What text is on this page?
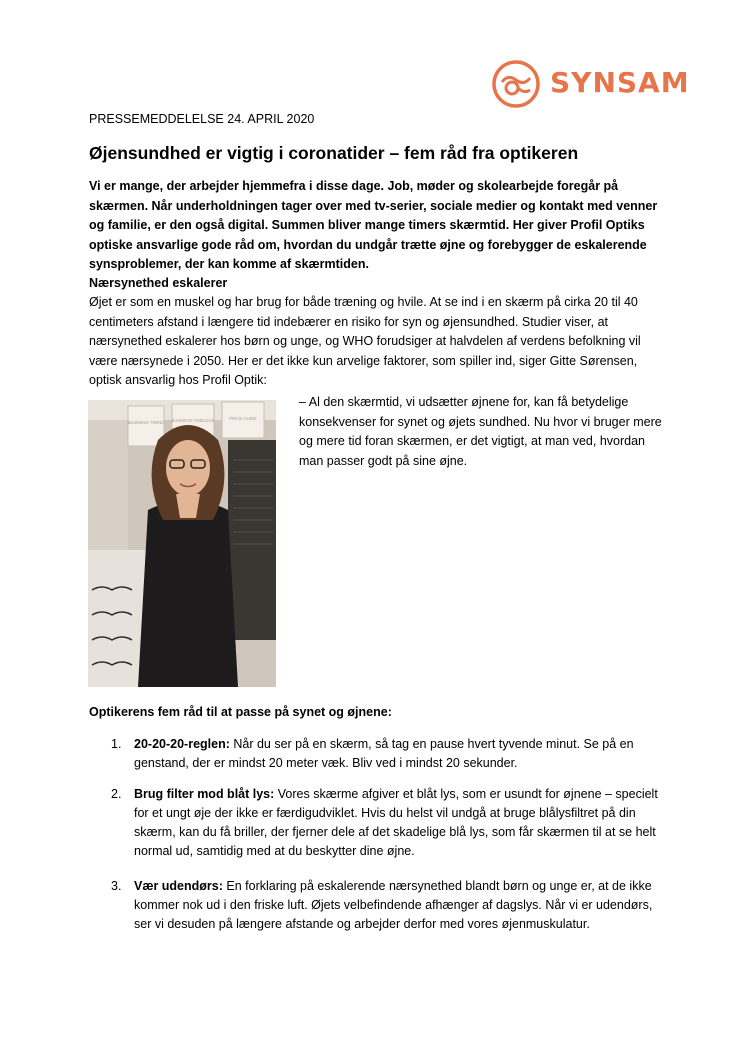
SYNSAM
PRESSEMEDDELELSE 24. APRIL 2020
Øjensundhed er vigtig i coronatider – fem råd fra optikeren

Vi er mange, der arbejder hjemmefra i disse dage. Job, møder og skolearbejde foregår på skærmen. Når underholdningen tager over med tv-serier, sociale medier og kontakt med venner og familie, er den også digital. Summen bliver mange timers skærmtid. Her giver Profil Optiks optiske ansvarlige gode råd om, hvordan du undgår trætte øjne og forebygger de eskalerende synsproblemer, der kan komme af skærmtiden.

Nærsynethed eskalerer

Øjet er som en muskel og har brug for både træning og hvile. At se ind i en skærm på cirka 20 til 40 centimeters afstand i længere tid indebærer en risiko for syn og øjensundhed. Studier viser, at nærsynethed eskalerer hos børn og unge, og WHO forudsiger at halvdelen af verdens befolkning vil være nærsynede i 2050. Her er det ikke kun arvelige faktorer, som spiller ind, siger Gitte Sørensen, optisk ansvarlig hos Profil Optik:

BUSINESS TREND BUSINESS TIMELESS	PRICE GUIDE

– Al den skærmtid, vi udsætter øjnene for, kan få betydelige konsekvenser for synet og øjets sundhed. Nu hvor vi bruger mere og mere tid foran skærmen, er det vigtigt, at man ved, hvordan man passer godt på sine øjne.

Optikerens fem råd til at passe på synet og øjnene:
1. 20-20-20-reglen: Når du ser på en skærm, så tag en pause hvert tyvende minut. Se på en genstand, der er mindst 20 meter væk. Bliv ved i mindst 20 sekunder.
2. Brug filter mod blåt lys: Vores skærme afgiver et blåt lys, som er usundt for øjnene – specielt for et ungt øje der ikke er færdigudviklet. Hvis du helst vil undgå at bruge blålysfiltret på din skærm, kan du få briller, der fjerner dele af det skadelige blå lys, som får skærmen til at se helt normal ud, samtidig med at du beskytter dine øjne.
3. Vær udendørs: En forklaring på eskalerende nærsynethed blandt børn og unge er, at de ikke kommer nok ud i den friske luft. Øjets velbefindende afhænger af dagslys. Når vi er udendørs, ser vi desuden på længere afstande og arbejder derfor med vores øjenmuskulatur.
